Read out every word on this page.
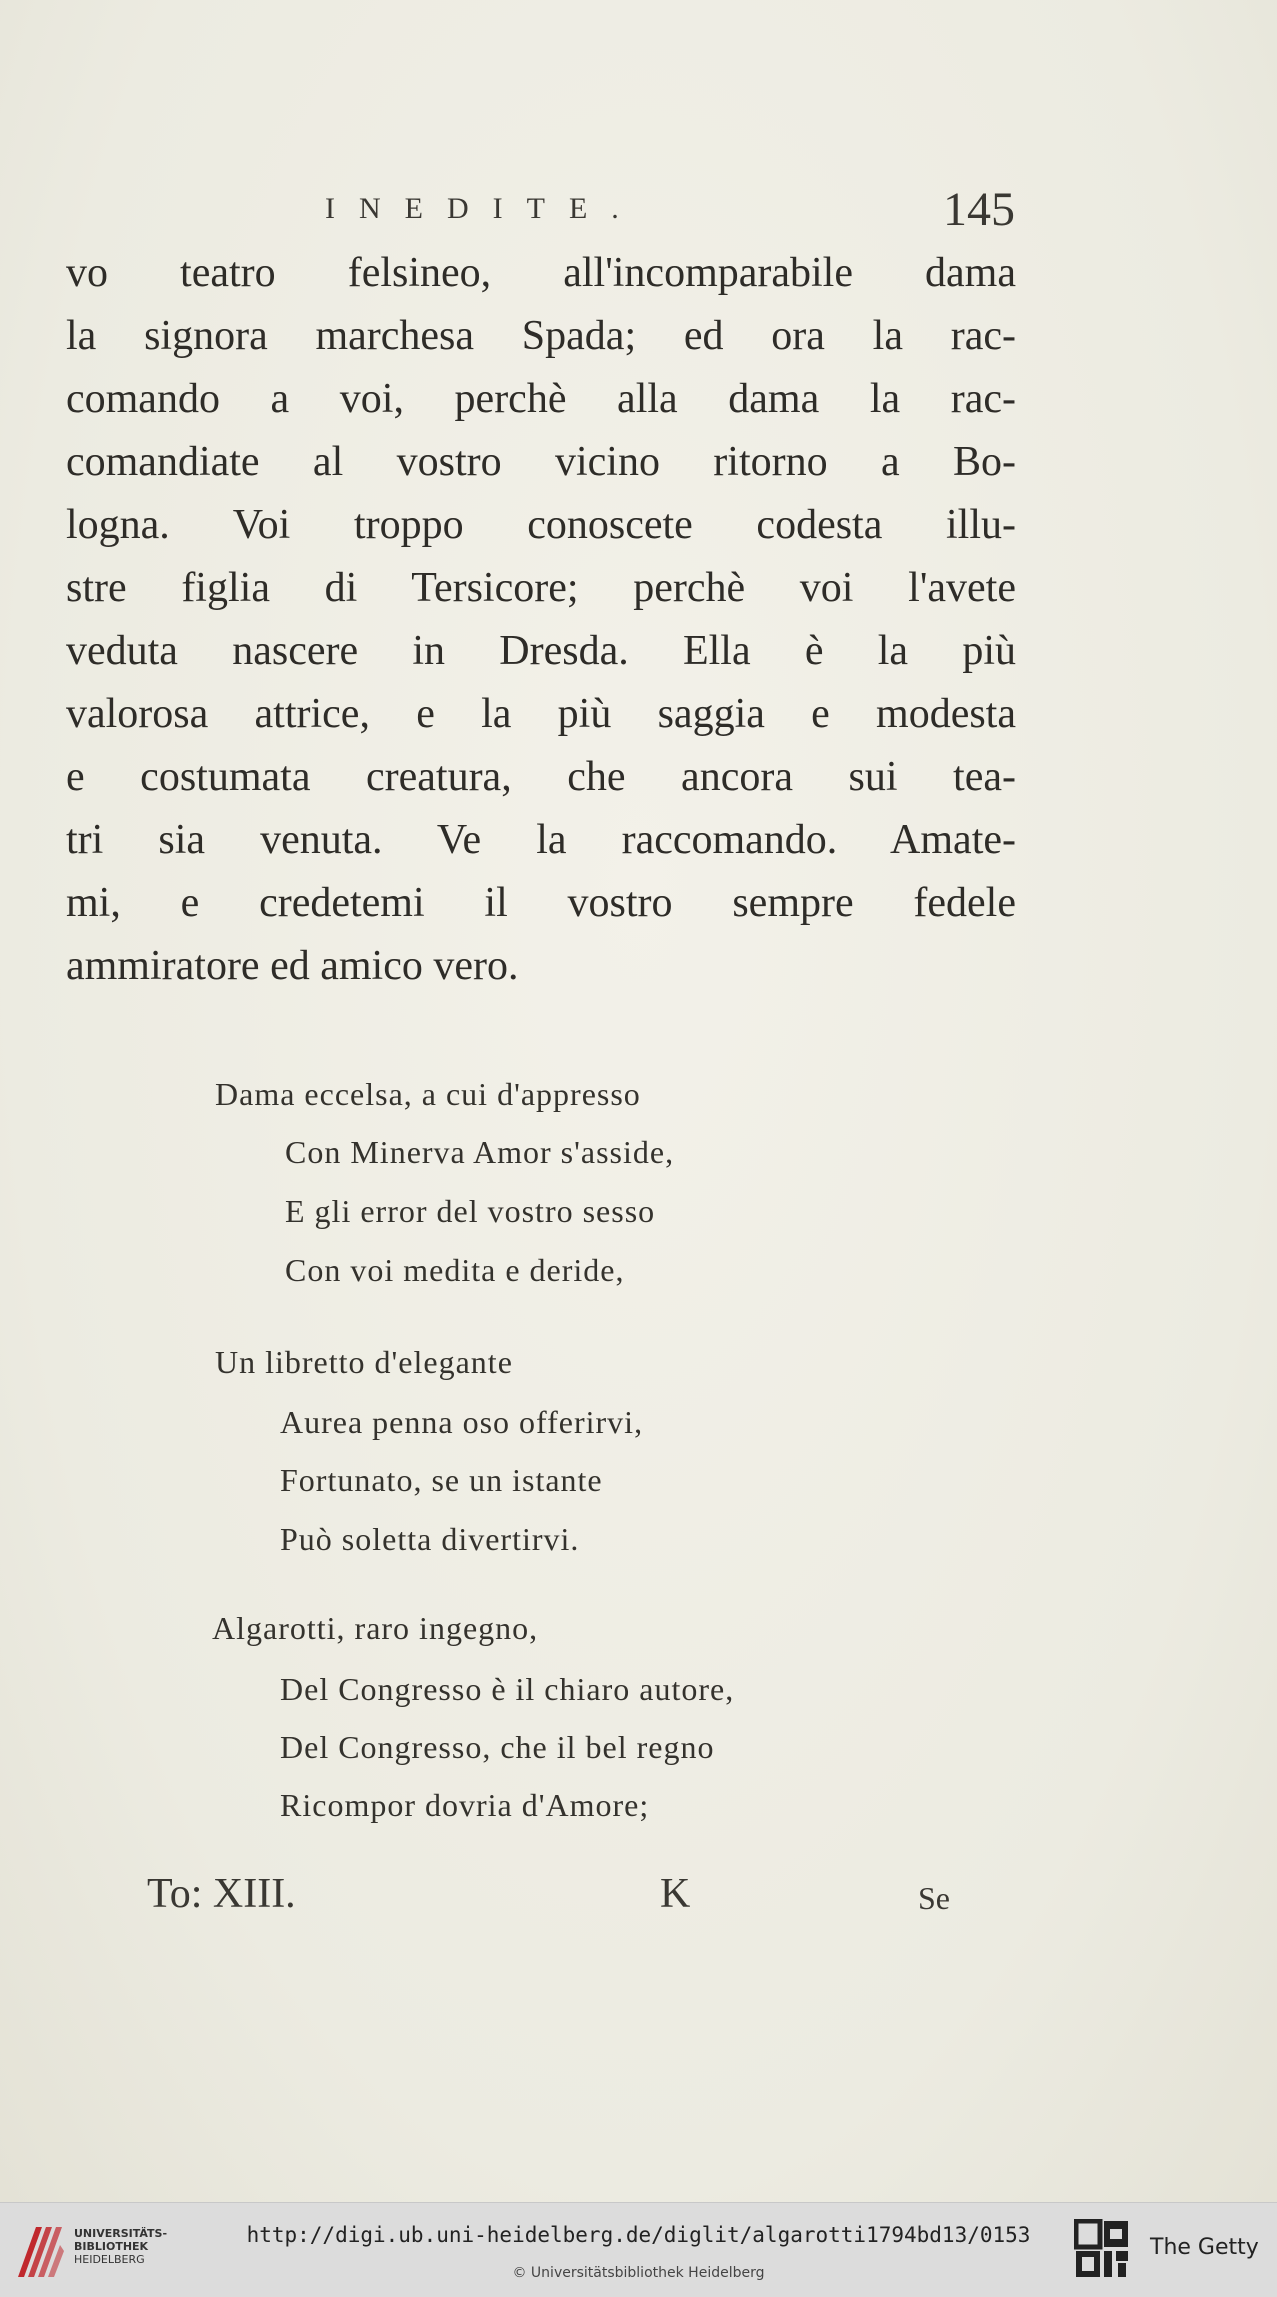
INEDITE.	145
vo teatro felsineo, all'incomparabile dama
la signora marchesa Spada; ed ora la rac-
comando a voi, perchè alla dama la rac-
comandiate al vostro vicino ritorno a Bo-
logna. Voi troppo conoscete codesta illu-
stre figlia di Tersicore; perchè voi l'avete
veduta nascere in Dresda. Ella è la più
valorosa attrice, e la più saggia e modesta
e costumata creatura, che ancora sui tea-
tri sia venuta. Ve la raccomando. Amate-
mi, e credetemi il vostro sempre fedele
ammiratore ed amico vero.
Dama eccelsa, a cui d'appresso
Con Minerva Amor s'asside,
E gli error del vostro sesso
Con voi medita e deride,
Un libretto d'elegante
Aurea penna oso offerirvi,
Fortunato, se un istante
Può soletta divertirvi.
Algarotti, raro ingegno,
Del Congresso è il chiaro autore,
Del Congresso, che il bel regno
Ricompor dovria d'Amore;
To: XIII.	K	Se
UNIVERSITÄTS-
BIBLIOTHEK
HEIDELBERG
http://digi.ub.uni-heidelberg.de/diglit/algarotti1794bd13/0153
© Universitätsbibliothek Heidelberg
The Getty
